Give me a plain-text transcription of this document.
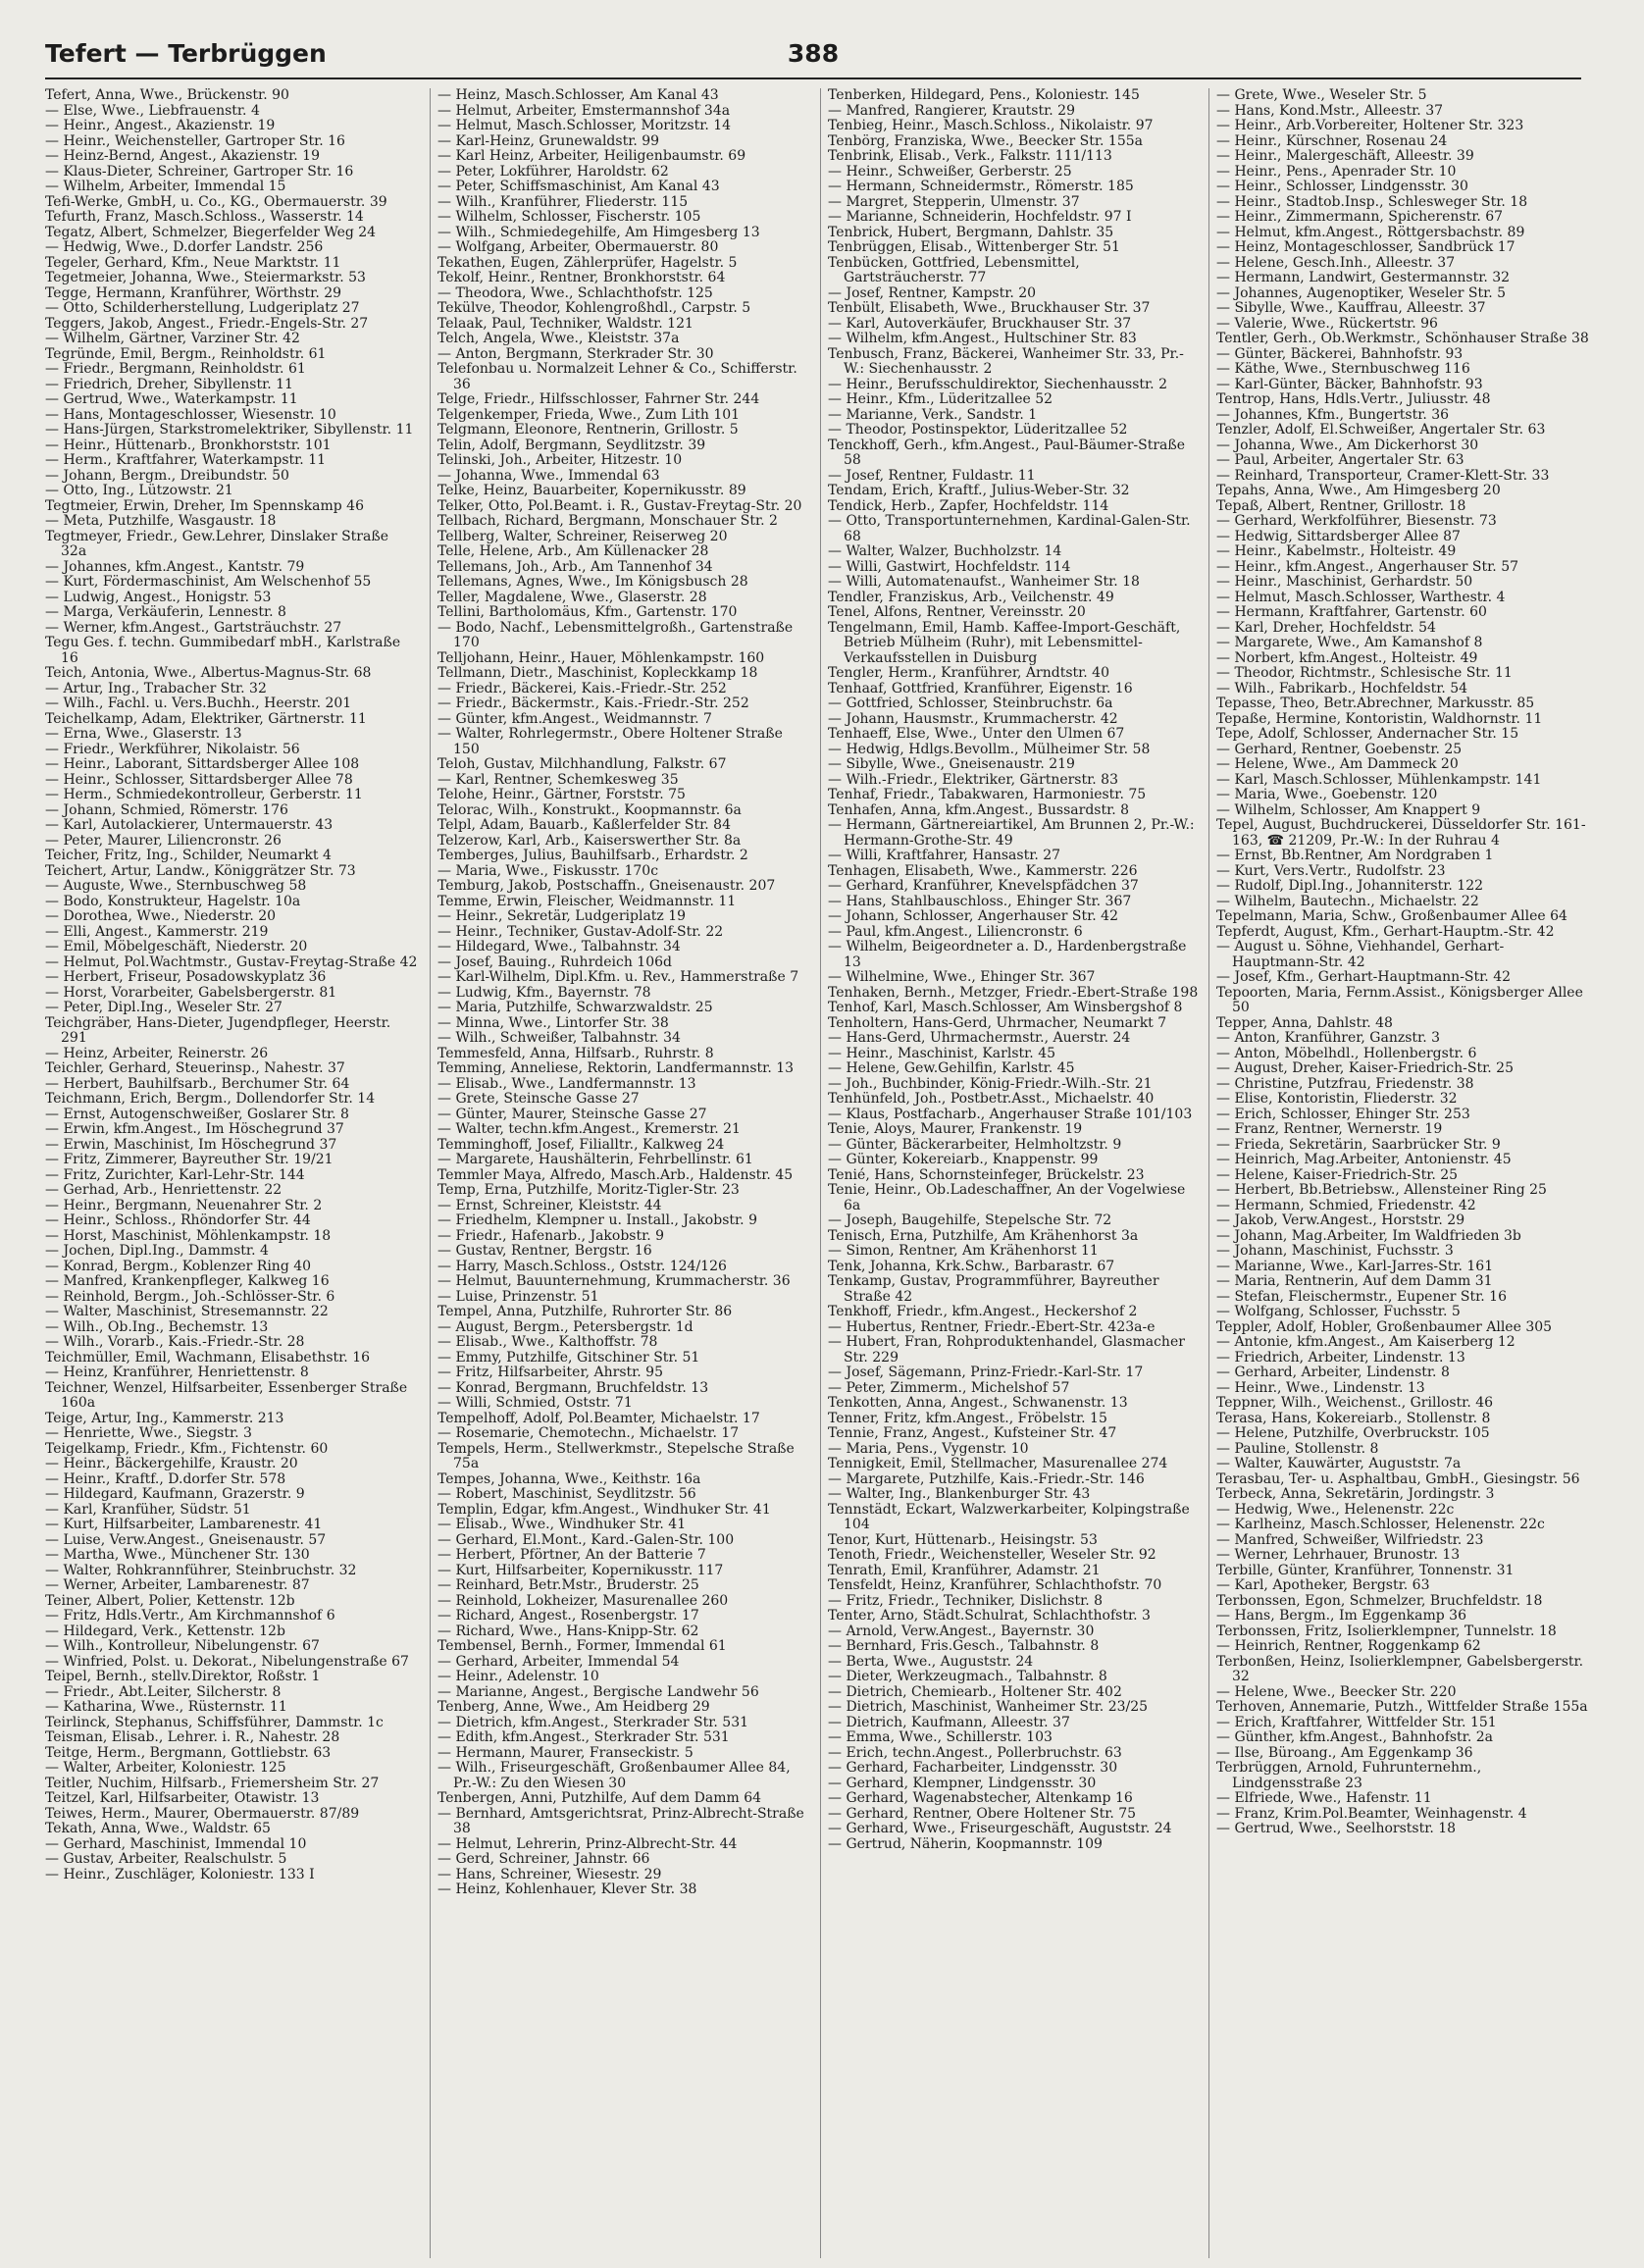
Tefert — Terbrüggen	388
Tefert, Anna, Wwe., Brückenstr. 90
— Else, Wwe., Liebfrauenstr. 4
— Heinr., Angest., Akazienstr. 19
— Heinr., Weichensteller, Gartroper Str. 16
— Heinz-Bernd, Angest., Akazienstr. 19
— Klaus-Dieter, Schreiner, Gartroper Str. 16
— Wilhelm, Arbeiter, Immendal 15
Tefi-Werke, GmbH, u. Co., KG., Obermauerstr. 39
Tefurth, Franz, Masch.Schloss., Wasserstr. 14
Tegatz, Albert, Schmelzer, Biegerfelder Weg 24
— Hedwig, Wwe., D.dorfer Landstr. 256
Tegeler, Gerhard, Kfm., Neue Marktstr. 11
Tegetmeier, Johanna, Wwe., Steiermarkstr. 53
Tegge, Hermann, Kranführer, Wörthstr. 29
— Otto, Schilderherstellung, Ludgeriplatz 27
Teggers, Jakob, Angest., Friedr.-Engels-Str. 27
— Wilhelm, Gärtner, Varziner Str. 42
Tegründe, Emil, Bergm., Reinholdstr. 61
— Friedr., Bergmann, Reinholdstr. 61
— Friedrich, Dreher, Sibyllenstr. 11
— Gertrud, Wwe., Waterkampstr. 11
— Hans, Montageschlosser, Wiesenstr. 10
— Hans-Jürgen, Starkstromelektriker, Sibyllenstr. 11
— Heinr., Hüttenarb., Bronkhorststr. 101
— Herm., Kraftfahrer, Waterkampstr. 11
— Johann, Bergm., Dreibundstr. 50
— Otto, Ing., Lützowstr. 21
Tegtmeier, Erwin, Dreher, Im Spennskamp 46
— Meta, Putzhilfe, Wasgaustr. 18
Tegtmeyer, Friedr., Gew.Lehrer, Dinslaker Straße 32a
— Johannes, kfm.Angest., Kantstr. 79
— Kurt, Fördermaschinist, Am Welschenhof 55
— Ludwig, Angest., Honigstr. 53
— Marga, Verkäuferin, Lennestr. 8
— Werner, kfm.Angest., Gartsträuchstr. 27
Tegu Ges. f. techn. Gummibedarf mbH., Karlstraße 16
Teich, Antonia, Wwe., Albertus-Magnus-Str. 68
— Artur, Ing., Trabacher Str. 32
— Wilh., Fachl. u. Vers.Buchh., Heerstr. 201
Teichelkamp, Adam, Elektriker, Gärtnerstr. 11
— Erna, Wwe., Glaserstr. 13
— Friedr., Werkführer, Nikolaistr. 56
— Heinr., Laborant, Sittardsberger Allee 108
— Heinr., Schlosser, Sittardsberger Allee 78
— Herm., Schmiedekontrolleur, Gerberstr. 11
— Johann, Schmied, Römerstr. 176
— Karl, Autolackierer, Untermauerstr. 43
— Peter, Maurer, Liliencronstr. 26
Teicher, Fritz, Ing., Schilder, Neumarkt 4
Teichert, Artur, Landw., Königgrätzer Str. 73
— Auguste, Wwe., Sternbuschweg 58
— Bodo, Konstrukteur, Hagelstr. 10a
— Dorothea, Wwe., Niederstr. 20
— Elli, Angest., Kammerstr. 219
— Emil, Möbelgeschäft, Niederstr. 20
— Helmut, Pol.Wachtmstr., Gustav-Freytag-Straße 42
— Herbert, Friseur, Posadowskyplatz 36
— Horst, Vorarbeiter, Gabelsbergerstr. 81
— Peter, Dipl.Ing., Weseler Str. 27
Teichgräber, Hans-Dieter, Jugendpfleger, Heerstr. 291
— Heinz, Arbeiter, Reinerstr. 26
Teichler, Gerhard, Steuerinsp., Nahestr. 37
— Herbert, Bauhilfsarb., Berchumer Str. 64
Teichmann, Erich, Bergm., Dollendorfer Str. 14
— Ernst, Autogenschweißer, Goslarer Str. 8
— Erwin, kfm.Angest., Im Höschegrund 37
— Erwin, Maschinist, Im Höschegrund 37
— Fritz, Zimmerer, Bayreuther Str. 19/21
— Fritz, Zurichter, Karl-Lehr-Str. 144
— Gerhad, Arb., Henriettenstr. 22
— Heinr., Bergmann, Neuenahrer Str. 2
— Heinr., Schloss., Rhöndorfer Str. 44
— Horst, Maschinist, Möhlenkampstr. 18
— Jochen, Dipl.Ing., Dammstr. 4
— Konrad, Bergm., Koblenzer Ring 40
— Manfred, Krankenpfleger, Kalkweg 16
— Reinhold, Bergm., Joh.-Schlösser-Str. 6
— Walter, Maschinist, Stresemannstr. 22
— Wilh., Ob.Ing., Bechemstr. 13
— Wilh., Vorarb., Kais.-Friedr.-Str. 28
Teichmüller, Emil, Wachmann, Elisabethstr. 16
— Heinz, Kranführer, Henriettenstr. 8
Teichner, Wenzel, Hilfsarbeiter, Essenberger Straße 160a
Teige, Artur, Ing., Kammerstr. 213
— Henriette, Wwe., Siegstr. 3
Teigelkamp, Friedr., Kfm., Fichtenstr. 60
— Heinr., Bäckergehilfe, Kraustr. 20
— Heinr., Kraftf., D.dorfer Str. 578
— Hildegard, Kaufmann, Grazerstr. 9
— Karl, Kranfüher, Südstr. 51
— Kurt, Hilfsarbeiter, Lambarenestr. 41
— Luise, Verw.Angest., Gneisenaustr. 57
— Martha, Wwe., Münchener Str. 130
— Walter, Rohkrannführer, Steinbruchstr. 32
— Werner, Arbeiter, Lambarenestr. 87
Teiner, Albert, Polier, Kettenstr. 12b
— Fritz, Hdls.Vertr., Am Kirchmannshof 6
— Hildegard, Verk., Kettenstr. 12b
— Wilh., Kontrolleur, Nibelungenstr. 67
— Winfried, Polst. u. Dekorat., Nibelungenstraße 67
Teipel, Bernh., stellv.Direktor, Roßstr. 1
— Friedr., Abt.Leiter, Silcherstr. 8
— Katharina, Wwe., Rüsternstr. 11
Teirlinck, Stephanus, Schiffsführer, Dammstr. 1c
Teisman, Elisab., Lehrer. i. R., Nahestr. 28
Teitge, Herm., Bergmann, Gottliebstr. 63
— Walter, Arbeiter, Koloniestr. 125
Teitler, Nuchim, Hilfsarb., Friemersheim Str. 27
Teitzel, Karl, Hilfsarbeiter, Otawistr. 13
Teiwes, Herm., Maurer, Obermauerstr. 87/89
Tekath, Anna, Wwe., Waldstr. 65
— Gerhard, Maschinist, Immendal 10
— Gustav, Arbeiter, Realschulstr. 5
— Heinr., Zuschläger, Koloniestr. 133 I
— Heinz, Masch.Schlosser, Am Kanal 43
— Helmut, Arbeiter, Emstermannshof 34a
— Helmut, Masch.Schlosser, Moritzstr. 14
— Karl-Heinz, Grunewaldstr. 99
— Karl Heinz, Arbeiter, Heiligenbaumstr. 69
— Peter, Lokführer, Haroldstr. 62
— Peter, Schiffsmaschinist, Am Kanal 43
— Wilh., Kranführer, Fliederstr. 115
— Wilhelm, Schlosser, Fischerstr. 105
— Wilh., Schmiedegehilfe, Am Himgesberg 13
— Wolfgang, Arbeiter, Obermauerstr. 80
Tekathen, Eugen, Zählerprüfer, Hagelstr. 5
Tekolf, Heinr., Rentner, Bronkhorststr. 64
— Theodora, Wwe., Schlachthofstr. 125
Tekülve, Theodor, Kohlengroßhdl., Carpstr. 5
Telaak, Paul, Techniker, Waldstr. 121
Telch, Angela, Wwe., Kleiststr. 37a
— Anton, Bergmann, Sterkrader Str. 30
Telefonbau u. Normalzeit Lehner & Co., Schifferstr. 36
Telge, Friedr., Hilfsschlosser, Fahrner Str. 244
Telgenkemper, Frieda, Wwe., Zum Lith 101
Telgmann, Eleonore, Rentnerin, Grillostr. 5
Telin, Adolf, Bergmann, Seydlitzstr. 39
Telinski, Joh., Arbeiter, Hitzestr. 10
— Johanna, Wwe., Immendal 63
Telke, Heinz, Bauarbeiter, Kopernikusstr. 89
Telker, Otto, Pol.Beamt. i. R., Gustav-Freytag-Str. 20
Tellbach, Richard, Bergmann, Monschauer Str. 2
Tellberg, Walter, Schreiner, Reiserweg 20
Telle, Helene, Arb., Am Küllenacker 28
Tellemans, Joh., Arb., Am Tannenhof 34
Tellemans, Agnes, Wwe., Im Königsbusch 28
Teller, Magdalene, Wwe., Glaserstr. 28
Tellini, Bartholomäus, Kfm., Gartenstr. 170
— Bodo, Nachf., Lebensmittelgroßh., Gartenstraße 170
Telljohann, Heinr., Hauer, Möhlenkampstr. 160
Tellmann, Dietr., Maschinist, Kopleckkamp 18
— Friedr., Bäckerei, Kais.-Friedr.-Str. 252
— Friedr., Bäckermstr., Kais.-Friedr.-Str. 252
— Günter, kfm.Angest., Weidmannstr. 7
— Walter, Rohrlegermstr., Obere Holtener Straße 150
Teloh, Gustav, Milchhandlung, Falkstr. 67
— Karl, Rentner, Schemkesweg 35
Telohe, Heinr., Gärtner, Forststr. 75
Telorac, Wilh., Konstrukt., Koopmannstr. 6a
Telpl, Adam, Bauarb., Kaßlerfelder Str. 84
Telzerow, Karl, Arb., Kaiserswerther Str. 8a
Temberges, Julius, Bauhilfsarb., Erhardstr. 2
— Maria, Wwe., Fiskusstr. 170c
Temburg, Jakob, Postschaffn., Gneisenaustr. 207
Temme, Erwin, Fleischer, Weidmannstr. 11
— Heinr., Sekretär, Ludgeriplatz 19
— Heinr., Techniker, Gustav-Adolf-Str. 22
— Hildegard, Wwe., Talbahnstr. 34
— Josef, Bauing., Ruhrdeich 106d
— Karl-Wilhelm, Dipl.Kfm. u. Rev., Hammerstraße 7
— Ludwig, Kfm., Bayernstr. 78
— Maria, Putzhilfe, Schwarzwaldstr. 25
— Minna, Wwe., Lintorfer Str. 38
— Wilh., Schweißer, Talbahnstr. 34
Temmesfeld, Anna, Hilfsarb., Ruhrstr. 8
Temming, Anneliese, Rektorin, Landfermannstr. 13
— Elisab., Wwe., Landfermannstr. 13
— Grete, Steinsche Gasse 27
— Günter, Maurer, Steinsche Gasse 27
— Walter, techn.kfm.Angest., Kremerstr. 21
Temminghoff, Josef, Filialltr., Kalkweg 24
— Margarete, Haushälterin, Fehrbellinstr. 61
Temmler Maya, Alfredo, Masch.Arb., Haldenstr. 45
Temp, Erna, Putzhilfe, Moritz-Tigler-Str. 23
— Ernst, Schreiner, Kleiststr. 44
— Friedhelm, Klempner u. Install., Jakobstr. 9
— Friedr., Hafenarb., Jakobstr. 9
— Gustav, Rentner, Bergstr. 16
— Harry, Masch.Schloss., Oststr. 124/126
— Helmut, Bauunternehmung, Krummacherstr. 36
— Luise, Prinzenstr. 51
Tempel, Anna, Putzhilfe, Ruhrorter Str. 86
— August, Bergm., Petersbergstr. 1d
— Elisab., Wwe., Kalthoffstr. 78
— Emmy, Putzhilfe, Gitschiner Str. 51
— Fritz, Hilfsarbeiter, Ahrstr. 95
— Konrad, Bergmann, Bruchfeldstr. 13
— Willi, Schmied, Oststr. 71
Tempelhoff, Adolf, Pol.Beamter, Michaelstr. 17
— Rosemarie, Chemotechn., Michaelstr. 17
Tempels, Herm., Stellwerkmstr., Stepelsche Straße 75a
Tempes, Johanna, Wwe., Keithstr. 16a
— Robert, Maschinist, Seydlitzstr. 56
Templin, Edgar, kfm.Angest., Windhuker Str. 41
— Elisab., Wwe., Windhuker Str. 41
— Gerhard, El.Mont., Kard.-Galen-Str. 100
— Herbert, Pförtner, An der Batterie 7
— Kurt, Hilfsarbeiter, Kopernikusstr. 117
— Reinhard, Betr.Mstr., Bruderstr. 25
— Reinhold, Lokheizer, Masurenallee 260
— Richard, Angest., Rosenbergstr. 17
— Richard, Wwe., Hans-Knipp-Str. 62
Tembensel, Bernh., Former, Immendal 61
— Gerhard, Arbeiter, Immendal 54
— Heinr., Adelenstr. 10
— Marianne, Angest., Bergische Landwehr 56
Tenberg, Anne, Wwe., Am Heidberg 29
— Dietrich, kfm.Angest., Sterkrader Str. 531
— Edith, kfm.Angest., Sterkrader Str. 531
— Hermann, Maurer, Franseckistr. 5
— Wilh., Friseurgeschäft, Großenbaumer Allee 84, Pr.-W.: Zu den Wiesen 30
Tenbergen, Anni, Putzhilfe, Auf dem Damm 64
— Bernhard, Amtsgerichtsrat, Prinz-Albrecht-Straße 38
— Helmut, Lehrerin, Prinz-Albrecht-Str. 44
— Gerd, Schreiner, Jahnstr. 66
— Hans, Schreiner, Wiesestr. 29
— Heinz, Kohlenhauer, Klever Str. 38
Tenberken, Hildegard, Pens., Koloniestr. 145
— Manfred, Rangierer, Krautstr. 29
Tenbieg, Heinr., Masch.Schloss., Nikolaistr. 97
Tenbörg, Franziska, Wwe., Beecker Str. 155a
Tenbrink, Elisab., Verk., Falkstr. 111/113
— Heinr., Schweißer, Gerberstr. 25
— Hermann, Schneidermstr., Römerstr. 185
— Margret, Stepperin, Ulmenstr. 37
— Marianne, Schneiderin, Hochfeldstr. 97 I
Tenbrick, Hubert, Bergmann, Dahlstr. 35
Tenbrüggen, Elisab., Wittenberger Str. 51
Tenbücken, Gottfried, Lebensmittel, Gartsträucherstr. 77
— Josef, Rentner, Kampstr. 20
Tenbült, Elisabeth, Wwe., Bruckhauser Str. 37
— Karl, Autoverkäufer, Bruckhauser Str. 37
— Wilhelm, kfm.Angest., Hultschiner Str. 83
Tenbusch, Franz, Bäckerei, Wanheimer Str. 33, Pr.-W.: Siechenhausstr. 2
— Heinr., Berufsschuldirektor, Siechenhausstr. 2
— Heinr., Kfm., Lüderitzallee 52
— Marianne, Verk., Sandstr. 1
— Theodor, Postinspektor, Lüderitzallee 52
Tenckhoff, Gerh., kfm.Angest., Paul-Bäumer-Straße 58
— Josef, Rentner, Fuldastr. 11
Tendam, Erich, Kraftf., Julius-Weber-Str. 32
Tendick, Herb., Zapfer, Hochfeldstr. 114
— Otto, Transportunternehmen, Kardinal-Galen-Str. 68
— Walter, Walzer, Buchholzstr. 14
— Willi, Gastwirt, Hochfeldstr. 114
— Willi, Automatenaufst., Wanheimer Str. 18
Tendler, Franziskus, Arb., Veilchenstr. 49
Tenel, Alfons, Rentner, Vereinsstr. 20
Tengelmann, Emil, Hamb. Kaffee-Import-Geschäft, Betrieb Mülheim (Ruhr), mit Lebensmittel-Verkaufsstellen in Duisburg
Tengler, Herm., Kranführer, Arndtstr. 40
Tenhaaf, Gottfried, Kranführer, Eigenstr. 16
— Gottfried, Schlosser, Steinbruchstr. 6a
— Johann, Hausmstr., Krummacherstr. 42
Tenhaeff, Else, Wwe., Unter den Ulmen 67
— Hedwig, Hdlgs.Bevollm., Mülheimer Str. 58
— Sibylle, Wwe., Gneisenaustr. 219
— Wilh.-Friedr., Elektriker, Gärtnerstr. 83
Tenhaf, Friedr., Tabakwaren, Harmoniestr. 75
Tenhafen, Anna, kfm.Angest., Bussardstr. 8
— Hermann, Gärtnereiartikel, Am Brunnen 2, Pr.-W.: Hermann-Grothe-Str. 49
— Willi, Kraftfahrer, Hansastr. 27
Tenhagen, Elisabeth, Wwe., Kammerstr. 226
— Gerhard, Kranführer, Knevelspfädchen 37
— Hans, Stahlbauschloss., Ehinger Str. 367
— Johann, Schlosser, Angerhauser Str. 42
— Paul, kfm.Angest., Liliencronstr. 6
— Wilhelm, Beigeordneter a. D., Hardenbergstraße 13
— Wilhelmine, Wwe., Ehinger Str. 367
Tenhaken, Bernh., Metzger, Friedr.-Ebert-Straße 198
Tenhof, Karl, Masch.Schlosser, Am Winsbergshof 8
Tenholtern, Hans-Gerd, Uhrmacher, Neumarkt 7
— Hans-Gerd, Uhrmachermstr., Auerstr. 24
— Heinr., Maschinist, Karlstr. 45
— Helene, Gew.Gehilfin, Karlstr. 45
— Joh., Buchbinder, König-Friedr.-Wilh.-Str. 21
Tenhünfeld, Joh., Postbetr.Asst., Michaelstr. 40
— Klaus, Postfacharb., Angerhauser Straße 101/103
Tenie, Aloys, Maurer, Frankenstr. 19
— Günter, Bäckerarbeiter, Helmholtzstr. 9
— Günter, Kokereiarb., Knappenstr. 99
Tenié, Hans, Schornsteinfeger, Brückelstr. 23
Tenie, Heinr., Ob.Ladeschaffner, An der Vogelwiese 6a
— Joseph, Baugehilfe, Stepelsche Str. 72
Tenisch, Erna, Putzhilfe, Am Krähenhorst 3a
— Simon, Rentner, Am Krähenhorst 11
Tenk, Johanna, Krk.Schw., Barbarastr. 67
Tenkamp, Gustav, Programmführer, Bayreuther Straße 42
Tenkhoff, Friedr., kfm.Angest., Heckershof 2
— Hubertus, Rentner, Friedr.-Ebert-Str. 423a-e
— Hubert, Fran, Rohproduktenhandel, Glasmacher Str. 229
— Josef, Sägemann, Prinz-Friedr.-Karl-Str. 17
— Peter, Zimmerm., Michelshof 57
Tenkotten, Anna, Angest., Schwanenstr. 13
Tenner, Fritz, kfm.Angest., Fröbelstr. 15
Tennie, Franz, Angest., Kufsteiner Str. 47
— Maria, Pens., Vygenstr. 10
Tennigkeit, Emil, Stellmacher, Masurenallee 274
— Margarete, Putzhilfe, Kais.-Friedr.-Str. 146
— Walter, Ing., Blankenburger Str. 43
Tennstädt, Eckart, Walzwerkarbeiter, Kolpingstraße 104
Tenor, Kurt, Hüttenarb., Heisingstr. 53
Tenoth, Friedr., Weichensteller, Weseler Str. 92
Tenrath, Emil, Kranführer, Adamstr. 21
Tensfeldt, Heinz, Kranführer, Schlachthofstr. 70
— Fritz, Friedr., Techniker, Dislichstr. 8
Tenter, Arno, Städt.Schulrat, Schlachthofstr. 3
— Arnold, Verw.Angest., Bayernstr. 30
— Bernhard, Fris.Gesch., Talbahnstr. 8
— Berta, Wwe., Auguststr. 24
— Dieter, Werkzeugmach., Talbahnstr. 8
— Dietrich, Chemiearb., Holtener Str. 402
— Dietrich, Maschinist, Wanheimer Str. 23/25
— Dietrich, Kaufmann, Alleestr. 37
— Emma, Wwe., Schillerstr. 103
— Erich, techn.Angest., Pollerbruchstr. 63
— Gerhard, Facharbeiter, Lindgensstr. 30
— Gerhard, Klempner, Lindgensstr. 30
— Gerhard, Wagenabstecher, Altenkamp 16
— Gerhard, Rentner, Obere Holtener Str. 75
— Gerhard, Wwe., Friseurgeschäft, Auguststr. 24
— Gertrud, Näherin, Koopmannstr. 109
— Grete, Wwe., Weseler Str. 5
— Hans, Kond.Mstr., Alleestr. 37
— Heinr., Arb.Vorbereiter, Holtener Str. 323
— Heinr., Kürschner, Rosenau 24
— Heinr., Malergeschäft, Alleestr. 39
— Heinr., Pens., Apenrader Str. 10
— Heinr., Schlosser, Lindgensstr. 30
— Heinr., Stadtob.Insp., Schlesweger Str. 18
— Heinr., Zimmermann, Spicherenstr. 67
— Helmut, kfm.Angest., Röttgersbachstr. 89
— Heinz, Montageschlosser, Sandbrück 17
— Helene, Gesch.Inh., Alleestr. 37
— Hermann, Landwirt, Gestermannstr. 32
— Johannes, Augenoptiker, Weseler Str. 5
— Sibylle, Wwe., Kauffrau, Alleestr. 37
— Valerie, Wwe., Rückertstr. 96
Tentler, Gerh., Ob.Werkmstr., Schönhauser Straße 38
— Günter, Bäckerei, Bahnhofstr. 93
— Käthe, Wwe., Sternbuschweg 116
— Karl-Günter, Bäcker, Bahnhofstr. 93
Tentrop, Hans, Hdls.Vertr., Juliusstr. 48
— Johannes, Kfm., Bungertstr. 36
Tenzler, Adolf, El.Schweißer, Angertaler Str. 63
— Johanna, Wwe., Am Dickerhorst 30
— Paul, Arbeiter, Angertaler Str. 63
— Reinhard, Transporteur, Cramer-Klett-Str. 33
Tepahs, Anna, Wwe., Am Himgesberg 20
Tepaß, Albert, Rentner, Grillostr. 18
— Gerhard, Werkfolführer, Biesenstr. 73
— Hedwig, Sittardsberger Allee 87
— Heinr., Kabelmstr., Holteistr. 49
— Heinr., kfm.Angest., Angerhauser Str. 57
— Heinr., Maschinist, Gerhardstr. 50
— Helmut, Masch.Schlosser, Warthestr. 4
— Hermann, Kraftfahrer, Gartenstr. 60
— Karl, Dreher, Hochfeldstr. 54
— Margarete, Wwe., Am Kamanshof 8
— Norbert, kfm.Angest., Holteistr. 49
— Theodor, Richtmstr., Schlesische Str. 11
— Wilh., Fabrikarb., Hochfeldstr. 54
Tepasse, Theo, Betr.Abrechner, Markusstr. 85
Tepaße, Hermine, Kontoristin, Waldhornstr. 11
Tepe, Adolf, Schlosser, Andernacher Str. 15
— Gerhard, Rentner, Goebenstr. 25
— Helene, Wwe., Am Dammeck 20
— Karl, Masch.Schlosser, Mühlenkampstr. 141
— Maria, Wwe., Goebenstr. 120
— Wilhelm, Schlosser, Am Knappert 9
Tepel, August, Buchdruckerei, Düsseldorfer Str. 161-163, ☎ 21209, Pr.-W.: In der Ruhrau 4
— Ernst, Bb.Rentner, Am Nordgraben 1
— Kurt, Vers.Vertr., Rudolfstr. 23
— Rudolf, Dipl.Ing., Johanniterstr. 122
— Wilhelm, Bautechn., Michaelstr. 22
Tepelmann, Maria, Schw., Großenbaumer Allee 64
Tepferdt, August, Kfm., Gerhart-Hauptm.-Str. 42
— August u. Söhne, Viehhandel, Gerhart-Hauptmann-Str. 42
— Josef, Kfm., Gerhart-Hauptmann-Str. 42
Tepoorten, Maria, Fernm.Assist., Königsberger Allee 50
Tepper, Anna, Dahlstr. 48
— Anton, Kranführer, Ganzstr. 3
— Anton, Möbelhdl., Hollenbergstr. 6
— August, Dreher, Kaiser-Friedrich-Str. 25
— Christine, Putzfrau, Friedenstr. 38
— Elise, Kontoristin, Fliederstr. 32
— Erich, Schlosser, Ehinger Str. 253
— Franz, Rentner, Wernerstr. 19
— Frieda, Sekretärin, Saarbrücker Str. 9
— Heinrich, Mag.Arbeiter, Antonienstr. 45
— Helene, Kaiser-Friedrich-Str. 25
— Herbert, Bb.Betriebsw., Allensteiner Ring 25
— Hermann, Schmied, Friedenstr. 42
— Jakob, Verw.Angest., Horststr. 29
— Johann, Mag.Arbeiter, Im Waldfrieden 3b
— Johann, Maschinist, Fuchsstr. 3
— Marianne, Wwe., Karl-Jarres-Str. 161
— Maria, Rentnerin, Auf dem Damm 31
— Stefan, Fleischermstr., Eupener Str. 16
— Wolfgang, Schlosser, Fuchsstr. 5
Teppler, Adolf, Hobler, Großenbaumer Allee 305
— Antonie, kfm.Angest., Am Kaiserberg 12
— Friedrich, Arbeiter, Lindenstr. 13
— Gerhard, Arbeiter, Lindenstr. 8
— Heinr., Wwe., Lindenstr. 13
Teppner, Wilh., Weichenst., Grillostr. 46
Terasa, Hans, Kokereiarb., Stollenstr. 8
— Helene, Putzhilfe, Overbruckstr. 105
— Pauline, Stollenstr. 8
— Walter, Kauwärter, Auguststr. 7a
Terasbau, Ter- u. Asphaltbau, GmbH., Giesingstr. 56
Terbeck, Anna, Sekretärin, Jordingstr. 3
— Hedwig, Wwe., Helenenstr. 22c
— Karlheinz, Masch.Schlosser, Helenenstr. 22c
— Manfred, Schweißer, Wilfriedstr. 23
— Werner, Lehrhauer, Brunostr. 13
Terbille, Günter, Kranführer, Tonnenstr. 31
— Karl, Apotheker, Bergstr. 63
Terbonssen, Egon, Schmelzer, Bruchfeldstr. 18
— Hans, Bergm., Im Eggenkamp 36
Terbonssen, Fritz, Isolierklempner, Tunnelstr. 18
— Heinrich, Rentner, Roggenkamp 62
Terbonßen, Heinz, Isolierklempner, Gabelsbergerstr. 32
— Helene, Wwe., Beecker Str. 220
Terhoven, Annemarie, Putzh., Wittfelder Straße 155a
— Erich, Kraftfahrer, Wittfelder Str. 151
— Günther, kfm.Angest., Bahnhofstr. 2a
— Ilse, Büroang., Am Eggenkamp 36
Terbrüggen, Arnold, Fuhrunternehm., Lindgensstraße 23
— Elfriede, Wwe., Hafenstr. 11
— Franz, Krim.Pol.Beamter, Weinhagenstr. 4
— Gertrud, Wwe., Seelhorststr. 18
